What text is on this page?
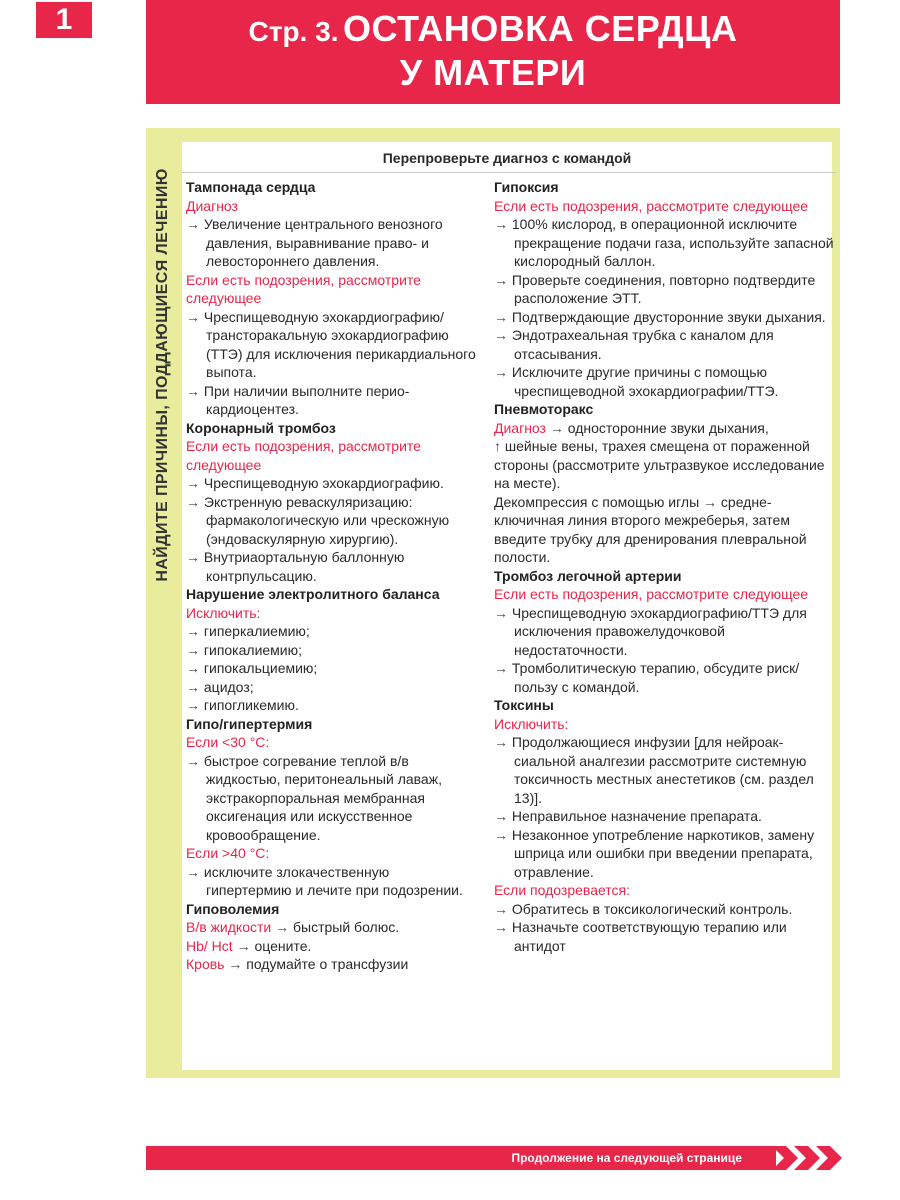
1	Стр. 3. ОСТАНОВКА СЕРДЦА
У МАТЕРИ
НАЙДИТЕ ПРИЧИНЫ, ПОДДАЮЩИЕСЯ ЛЕЧЕНИЮ
Перепроверьте диагноз с командой
Тампонада сердца
Диагноз
→ Увеличение центрального венозного давления, выравнивание право- и левостороннего давления.
Если есть подозрения, рассмотрите следующее
→ Чреспищеводную эхокардиографию/трансторакальную эхокардиографию (ТТЭ) для исключения перикардиального выпота.
→ При наличии выполните периокардиоцентез.
Коронарный тромбоз
Если есть подозрения, рассмотрите следующее
→ Чреспищеводную эхокардиографию.
→ Экстренную реваскуляризацию: фармакологическую или чрескожную (эндоваскулярную хирургию).
→ Внутриаортальную баллонную контрпульсацию.
Нарушение электролитного баланса
Исключить:
→ гиперкалиемию;
→ гипокалиемию;
→ гипокальциемию;
→ ацидоз;
→ гипогликемию.
Гипо/гипертермия
Если <30 °С:
→ быстрое согревание теплой в/в жидкостью, перитонеальный лаваж, экстракорпоральная мембранная оксигенация или искусственное кровообращение.
Если >40 °С:
→ исключите злокачественную гипертермию и лечите при подозрении.
Гиповолемия
В/в жидкости → быстрый болюс.
Hb/ Hct → оцените.
Кровь → подумайте о трансфузии
Гипоксия
Если есть подозрения, рассмотрите следующее
→ 100% кислород, в операционной исключите прекращение подачи газа, используйте запасной кислородный баллон.
→ Проверьте соединения, повторно подтвердите расположение ЭТТ.
→ Подтверждающие двусторонние звуки дыхания.
→ Эндотрахеальная трубка с каналом для отсасывания.
→ Исключите другие причины с помощью чреспищеводной эхокардиографии/ТТЭ.
Пневмоторакс
Диагноз → односторонние звуки дыхания,
↑ шейные вены, трахея смещена от пораженной стороны (рассмотрите ультразвукое исследование на месте).
Декомпрессия с помощью иглы → среднеключичная линия второго межреберья, затем введите трубку для дренирования плевральной полости.
Тромбоз легочной артерии
Если есть подозрения, рассмотрите следующее
→ Чреспищеводную эхокардиографию/ТТЭ для исключения правожелудочковой недостаточности.
→ Тромболитическую терапию, обсудите риск/пользу с командой.
Токсины
Исключить:
→ Продолжающиеся инфузии [для нейроаксиальной аналгезии рассмотрите системную токсичность местных анестетиков (см. раздел 13)].
→ Неправильное назначение препарата.
→ Незаконное употребление наркотиков, замену шприца или ошибки при введении препарата, отравление.
Если подозревается:
→ Обратитесь в токсикологический контроль.
→ Назначьте соответствующую терапию или антидот
Продолжение на следующей странице
